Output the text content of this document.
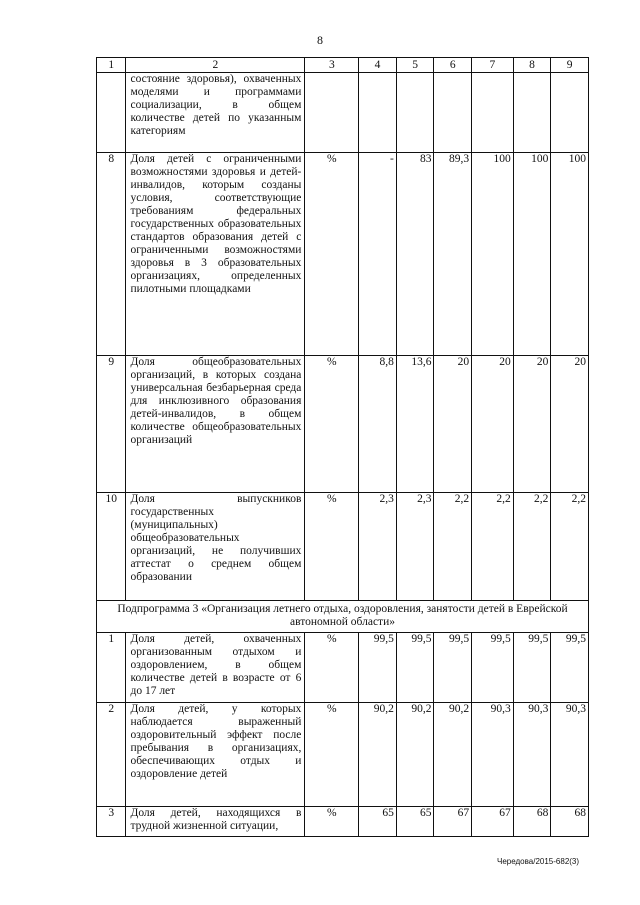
8
1	2	3	4	5	6	7	8	9
	состояние здоровья), охваченных моделями и программами социализации, в общем количестве детей по указанным категориям							
8	Доля детей с ограниченными возможностями здоровья и детей-инвалидов, которым созданы условия, соответствующие требованиям федеральных государственных образовательных стандартов образования детей с ограниченными возможностями здоровья в 3 образовательных организациях, определенных пилотными площадками	%	-	83	89,3	100	100	100
9	Доля общеобразовательных организаций, в которых создана универсальная безбарьерная среда для инклюзивного образования детей-инвалидов, в общем количестве общеобразовательных организаций	%	8,8	13,6	20	20	20	20
10	Доля выпускников государственных (муниципальных) общеобразовательных организаций, не получивших аттестат о среднем общем образовании	%	2,3	2,3	2,2	2,2	2,2	2,2
Подпрограмма 3 «Организация летнего отдыха, оздоровления, занятости детей в Еврейской автономной области»								
1	Доля детей, охваченных организованным отдыхом и оздоровлением, в общем количестве детей в возрасте от 6 до 17 лет	%	99,5	99,5	99,5	99,5	99,5	99,5
2	Доля детей, у которых наблюдается выраженный оздоровительный эффект после пребывания в организациях, обеспечивающих отдых и оздоровление детей	%	90,2	90,2	90,2	90,3	90,3	90,3
3	Доля детей, находящихся в трудной жизненной ситуации,	%	65	65	67	67	68	68
Чередова/2015-682(3)
